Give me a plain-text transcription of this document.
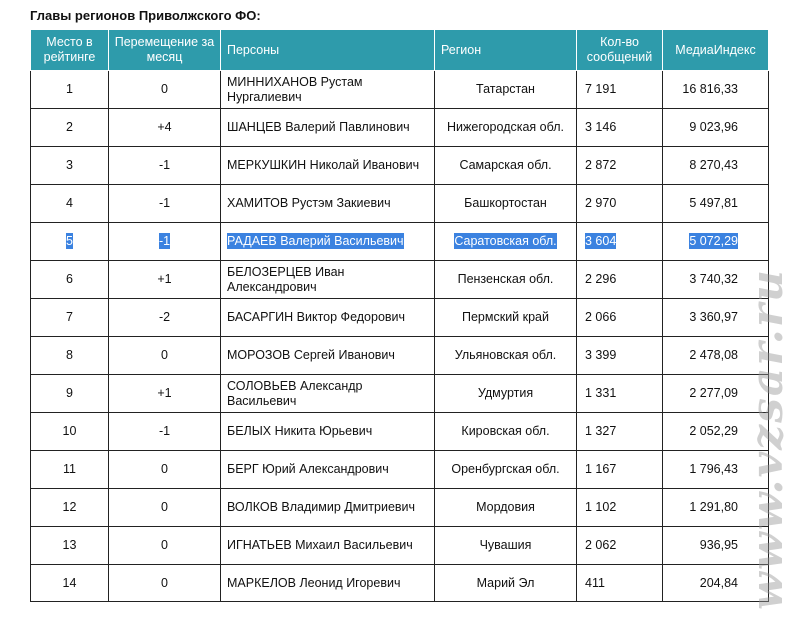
Главы регионов Приволжского ФО:
Место в рейтинге	Перемещение за месяц	Персоны	Регион	Кол-во сообщений	МедиаИндекс
1	0	МИННИХАНОВ Рустам Нургалиевич	Татарстан	7 191	16 816,33
2	+4	ШАНЦЕВ Валерий Павлинович	Нижегородская обл.	3 146	9 023,96
3	-1	МЕРКУШКИН Николай Иванович	Самарская обл.	2 872	8 270,43
4	-1	ХАМИТОВ Рустэм Закиевич	Башкортостан	2 970	5 497,81
5	-1	РАДАЕВ Валерий Васильевич	Саратовская обл.	3 604	5 072,29
6	+1	БЕЛОЗЕРЦЕВ Иван Александрович	Пензенская обл.	2 296	3 740,32
7	-2	БАСАРГИН Виктор Федорович	Пермский край	2 066	3 360,97
8	0	МОРОЗОВ Сергей Иванович	Ульяновская обл.	3 399	2 478,08
9	+1	СОЛОВЬЕВ Александр Васильевич	Удмуртия	1 331	2 277,09
10	-1	БЕЛЫХ Никита Юрьевич	Кировская обл.	1 327	2 052,29
11	0	БЕРГ Юрий Александрович	Оренбургская обл.	1 167	1 796,43
12	0	ВОЛКОВ Владимир Дмитриевич	Мордовия	1 102	1 291,80
13	0	ИГНАТЬЕВ Михаил Васильевич	Чувашия	2 062	936,95
14	0	МАРКЕЛОВ Леонид Игоревич	Марий Эл	411	204,84 www.vzsar.ru
